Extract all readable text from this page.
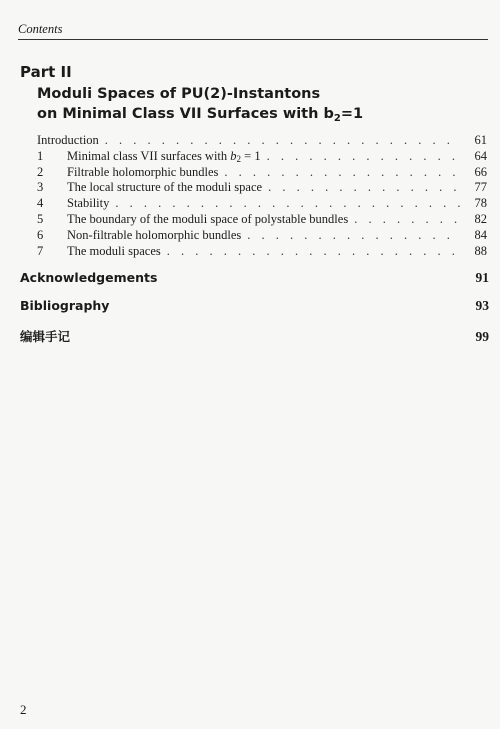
Contents
Part II
Moduli Spaces of PU(2)-Instantons
on Minimal Class VII Surfaces with $b_2=1$
Introduction . . .	61
1	Minimal class VII surfaces with $b_2 = 1$ . . .	64
2	Filtrable holomorphic bundles . . .	66
3	The local structure of the moduli space . . .	77
4	Stability . . .	78
5	The boundary of the moduli space of polystable bundles . . .	82
6	Non-filtrable holomorphic bundles . . .	84
7	The moduli spaces . . .	88
Acknowledgements	91
Bibliography	93
编辑手记	99
2
